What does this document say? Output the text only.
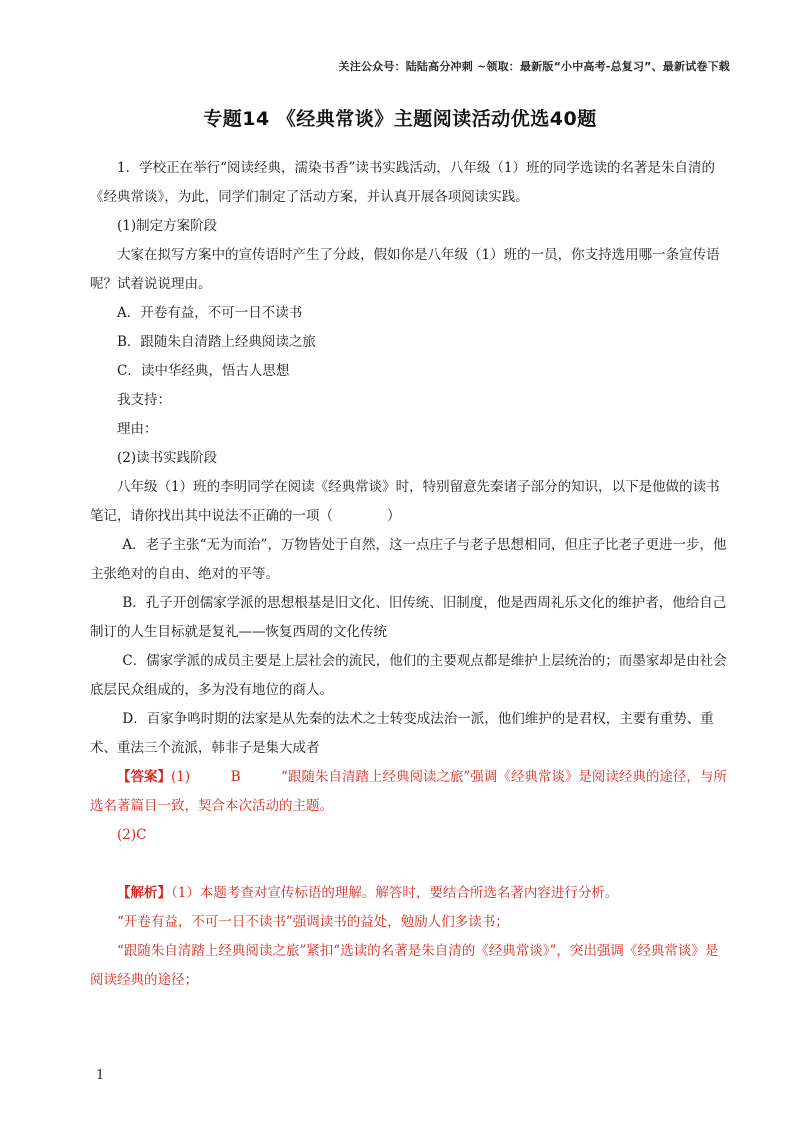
关注公众号：陆陆高分冲刺 ~领取：最新版“小中高考-总复习”、最新试卷下载
专题14 《经典常谈》主题阅读活动优选40题

1．学校正在举行“阅读经典，濡染书香”读书实践活动，八年级（1）班的同学选读的名著是朱自清的《经典常谈》，为此，同学们制定了活动方案，并认真开展各项阅读实践。

(1)制定方案阶段

大家在拟写方案中的宣传语时产生了分歧，假如你是八年级（1）班的一员，你支持选用哪一条宣传语呢？试着说说理由。

A．开卷有益，不可一日不读书

B．跟随朱自清踏上经典阅读之旅

C．读中华经典，悟古人思想

我支持：

理由：

(2)读书实践阶段

八年级（1）班的李明同学在阅读《经典常谈》时，特别留意先秦诸子部分的知识，以下是他做的读书笔记，请你找出其中说法不正确的一项（　　　　）

A．老子主张“无为而治”，万物皆处于自然，这一点庄子与老子思想相同，但庄子比老子更进一步，他主张绝对的自由、绝对的平等。

B．孔子开创儒家学派的思想根基是旧文化、旧传统、旧制度，他是西周礼乐文化的维护者，他给自己制订的人生目标就是复礼——恢复西周的文化传统

C．儒家学派的成员主要是上层社会的流民，他们的主要观点都是维护上层统治的；而墨家却是由社会底层民众组成的，多为没有地位的商人。

D．百家争鸣时期的法家是从先秦的法术之士转变成法治一派，他们维护的是君权，主要有重势、重术、重法三个流派，韩非子是集大成者

【答案】(1)　　　B　　　“跟随朱自清踏上经典阅读之旅”强调《经典常谈》是阅读经典的途径，与所选名著篇目一致，契合本次活动的主题。

(2)C

【解析】（1）本题考查对宣传标语的理解。解答时，要结合所选名著内容进行分析。

“开卷有益，不可一日不读书”强调读书的益处，勉励人们多读书；

“跟随朱自清踏上经典阅读之旅”紧扣“选读的名著是朱自清的《经典常谈》”，突出强调《经典常谈》是阅读经典的途径；

1
